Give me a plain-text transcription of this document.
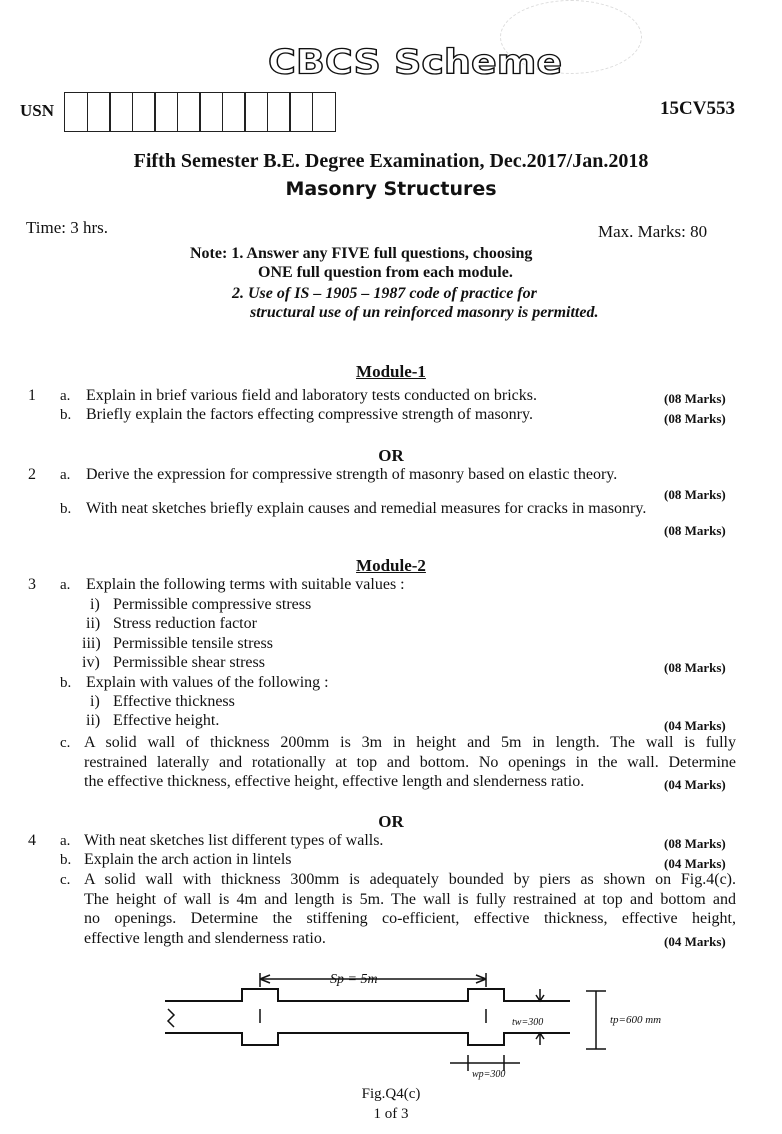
CBCS Scheme
USN	15CV553
Fifth Semester B.E. Degree Examination, Dec.2017/Jan.2018
Masonry Structures
Time: 3 hrs.	Max. Marks: 80
Note: 1. Answer any FIVE full questions, choosing
ONE full question from each module.
2. Use of IS – 1905 – 1987 code of practice for
structural use of un reinforced masonry is permitted.
Module-1
1 a. Explain in brief various field and laboratory tests conducted on bricks.	(08 Marks)
b. Briefly explain the factors effecting compressive strength of masonry.	(08 Marks)
OR
2 a. Derive the expression for compressive strength of masonry based on elastic theory.
(08 Marks)
b. With neat sketches briefly explain causes and remedial measures for cracks in masonry.
(08 Marks)
Module-2
3 a. Explain the following terms with suitable values :
i) Permissible compressive stress
ii) Stress reduction factor
iii) Permissible tensile stress
iv) Permissible shear stress	(08 Marks)
b. Explain with values of the following :
i) Effective thickness
ii) Effective height.	(04 Marks)
c. A solid wall of thickness 200mm is 3m in height and 5m in length. The wall is fully
restrained laterally and rotationally at top and bottom. No openings in the wall. Determine
the effective thickness, effective height, effective length and slenderness ratio.	(04 Marks)
OR
4 a. With neat sketches list different types of walls.	(08 Marks)
b. Explain the arch action in lintels	(04 Marks)
c. A solid wall with thickness 300mm is adequately bounded by piers as shown on Fig.4(c).
The height of wall is 4m and length is 5m. The wall is fully restrained at top and bottom and
no openings. Determine the stiffening co-efficient, effective thickness, effective height,
effective length and slenderness ratio.	(04 Marks)
Sp = 5m
tw=300	tp=600 mm
wp=300
Fig.Q4(c)
1 of 3
